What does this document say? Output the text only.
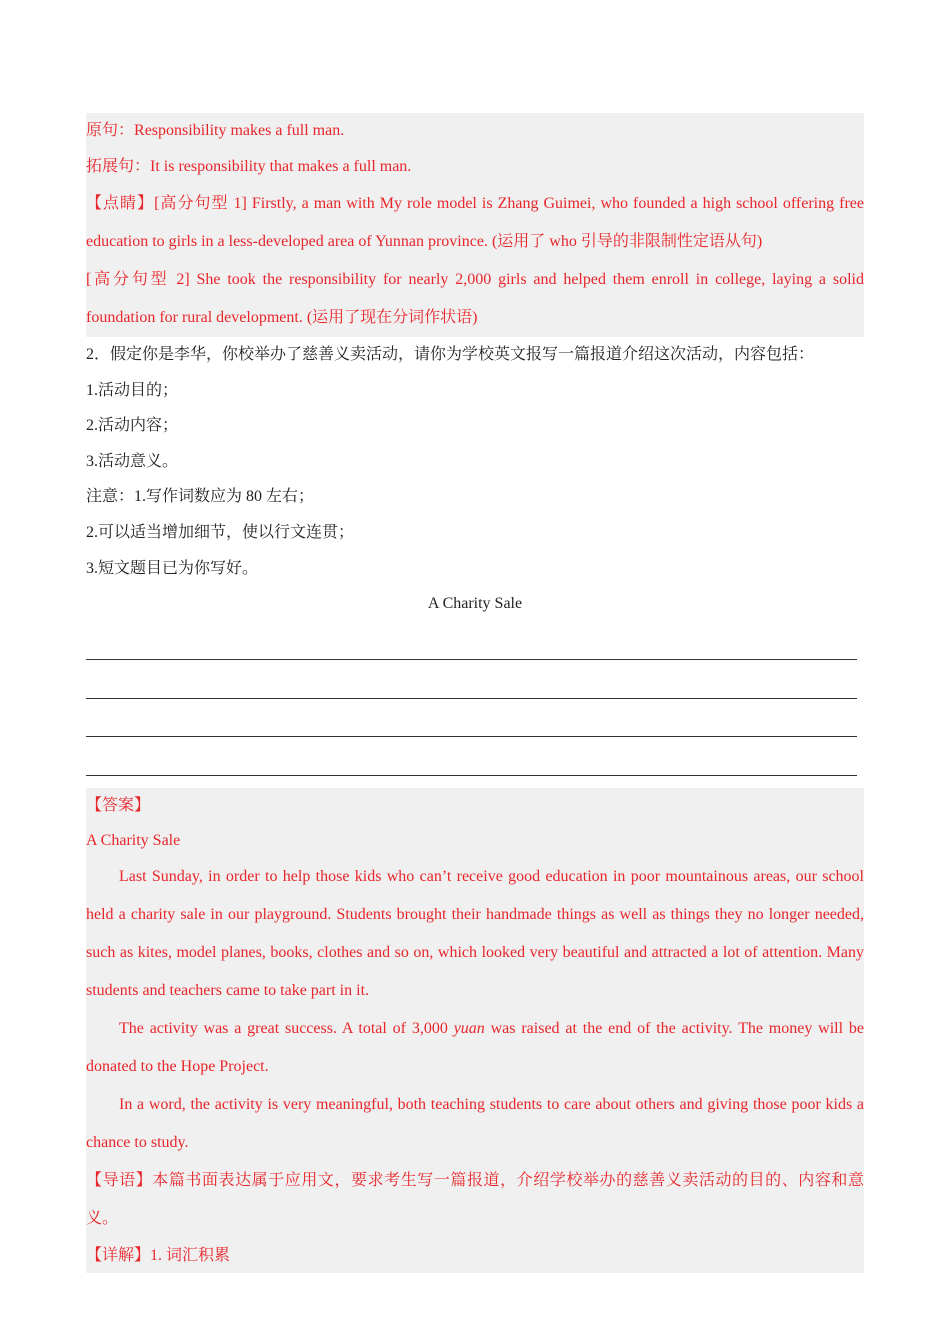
原句：Responsibility makes a full man.

拓展句：It is responsibility that makes a full man.

【点睛】[高分句型 1] Firstly, a man with My role model is Zhang Guimei, who founded a high school offering free education to girls in a less-developed area of Yunnan province. (运用了 who 引导的非限制性定语从句)

[高分句型 2] She took the responsibility for nearly 2,000 girls and helped them enroll in college, laying a solid foundation for rural development. (运用了现在分词作状语)

2．假定你是李华，你校举办了慈善义卖活动，请你为学校英文报写一篇报道介绍这次活动，内容包括：

1.活动目的；

2.活动内容；

3.活动意义。

注意：1.写作词数应为 80 左右；

2.可以适当增加细节，使以行文连贯；

3.短文题目已为你写好。

A Charity Sale

【答案】

A Charity Sale

Last Sunday, in order to help those kids who can’t receive good education in poor mountainous areas, our school held a charity sale in our playground. Students brought their handmade things as well as things they no longer needed, such as kites, model planes, books, clothes and so on, which looked very beautiful and attracted a lot of attention. Many students and teachers came to take part in it.

The activity was a great success. A total of 3,000 yuan was raised at the end of the activity. The money will be donated to the Hope Project.

In a word, the activity is very meaningful, both teaching students to care about others and giving those poor kids a chance to study.

【导语】本篇书面表达属于应用文，要求考生写一篇报道，介绍学校举办的慈善义卖活动的目的、内容和意义。

【详解】1. 词汇积累
